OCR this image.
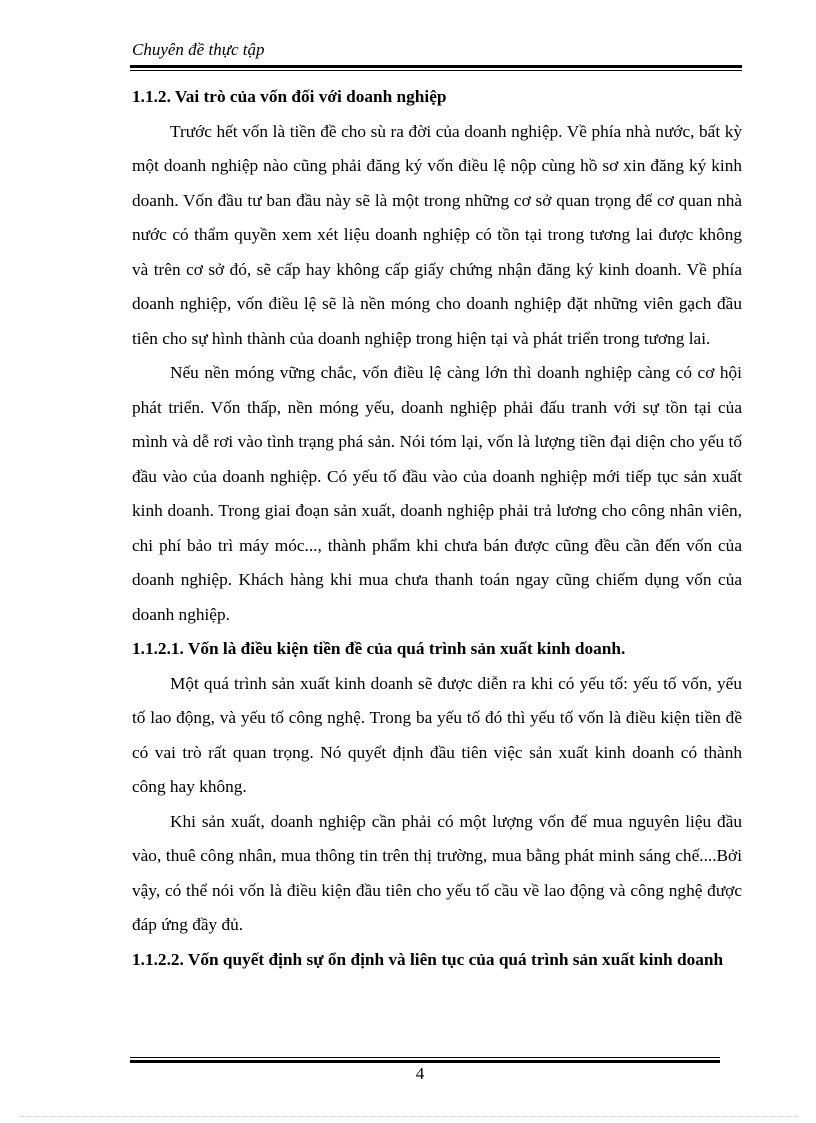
Chuyên đề thực tập

1.1.2. Vai trò của vốn đối với doanh nghiệp

Trước hết vốn là tiền đề cho sù ra đời của doanh nghiệp. Về phía nhà nước, bất kỳ một doanh nghiệp nào cũng phải đăng ký vốn điều lệ nộp cùng hồ sơ xin đăng ký kinh doanh. Vốn đầu tư ban đầu này sẽ là một trong những cơ sở quan trọng để cơ quan nhà nước có thẩm quyền xem xét liệu doanh nghiệp có tồn tại trong tương lai được không và trên cơ sở đó, sẽ cấp hay không cấp giấy chứng nhận đăng ký kinh doanh. Về phía doanh nghiệp, vốn điều lệ sẽ là nền móng cho doanh nghiệp đặt những viên gạch đầu tiên cho sự hình thành của doanh nghiệp trong hiện tại và phát triển trong tương lai.

Nếu nền móng vững chắc, vốn điều lệ càng lớn thì doanh nghiệp càng có cơ hội phát triển. Vốn thấp, nền móng yếu, doanh nghiệp phải đấu tranh với sự tồn tại của mình và dễ rơi vào tình trạng phá sản. Nói tóm lại, vốn là lượng tiền đại diện cho yếu tố đầu vào của doanh nghiệp. Có yếu tố đầu vào của doanh nghiệp mới tiếp tục sản xuất kinh doanh. Trong giai đoạn sản xuất, doanh nghiệp phải trả lương cho công nhân viên, chi phí bảo trì máy móc..., thành phẩm khi chưa bán được cũng đều cần đến vốn của doanh nghiệp. Khách hàng khi mua chưa thanh toán ngay cũng chiếm dụng vốn của doanh nghiệp.

1.1.2.1. Vốn là điều kiện tiền đề của quá trình sản xuất kinh doanh.

Một quá trình sản xuất kinh doanh sẽ được diễn ra khi có yếu tố: yếu tố vốn, yếu tố lao động, và yếu tố công nghệ. Trong ba yếu tố đó thì yếu tố vốn là điều kiện tiền đề có vai trò rất quan trọng. Nó quyết định đầu tiên việc sản xuất kinh doanh có thành công hay không.

Khi sản xuất, doanh nghiệp cần phải có một lượng vốn để mua nguyên liệu đầu vào, thuê công nhân, mua thông tin trên thị trường, mua bằng phát minh sáng chế....Bởi vậy, có thể nói vốn là điều kiện đầu tiên cho yếu tố cầu về lao động và công nghệ được đáp ứng đầy đủ.

1.1.2.2. Vốn quyết định sự ổn định và liên tục của quá trình sản xuất kinh doanh

4
